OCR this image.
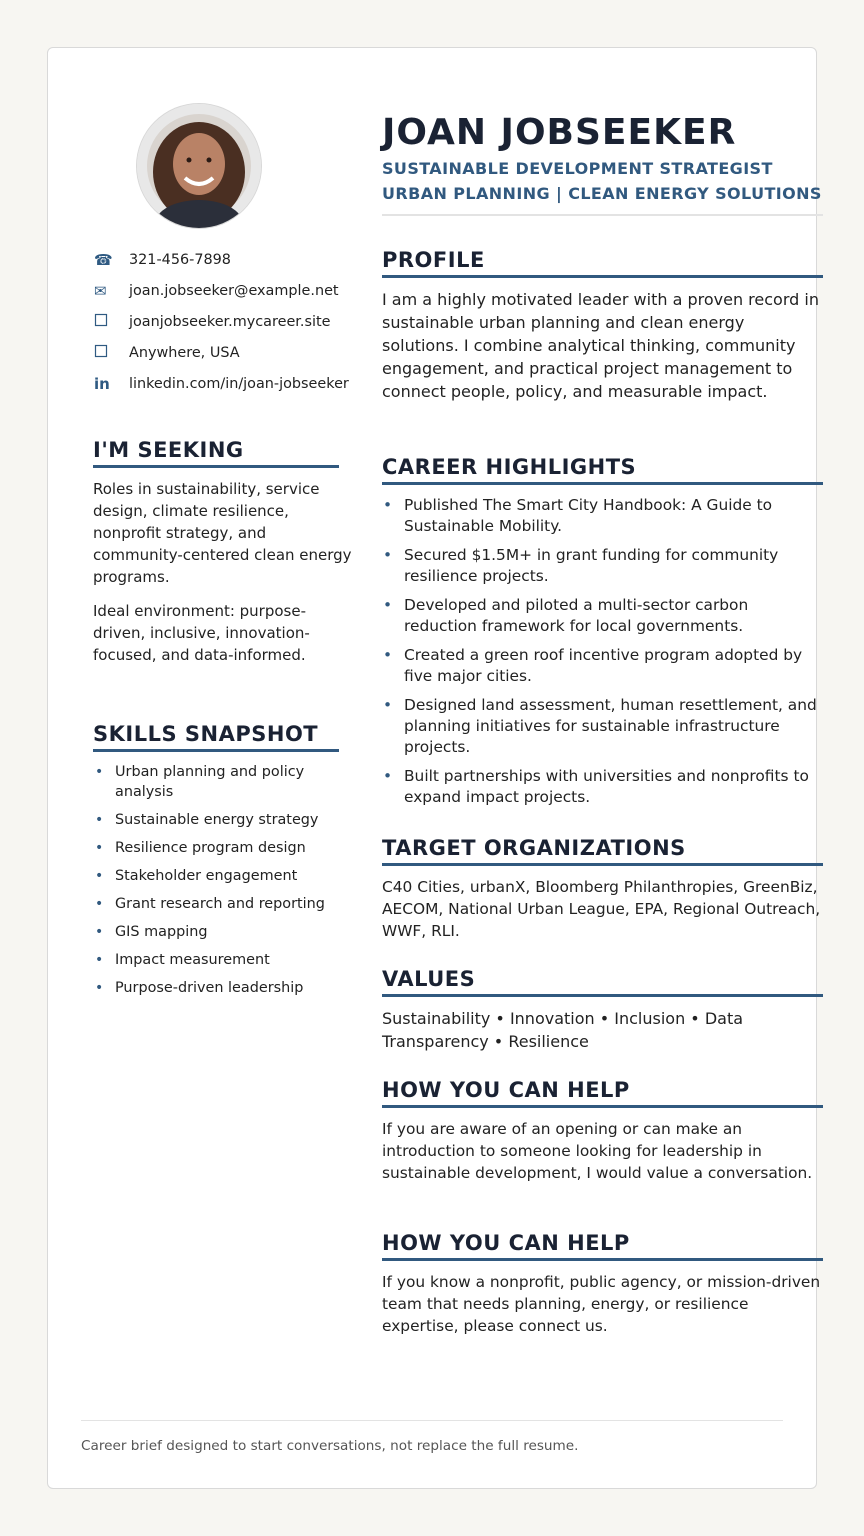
☎	321-456-7898
✉	joan.jobseeker@example.net
joanjobseeker.mycareer.site
Anywhere, USA
in	linkedin.com/in/joan-jobseeker
I'M SEEKING

Roles in sustainability, service design, climate resilience, nonprofit strategy, and community-centered clean energy programs.

Ideal environment: purpose-driven, inclusive, innovation-focused, and data-informed.

SKILLS SNAPSHOT
• Urban planning and policy analysis
• Sustainable energy strategy
• Resilience program design
• Stakeholder engagement
• Grant research and reporting
• GIS mapping
• Impact measurement
• Purpose-driven leadership
JOAN JOBSEEKER
SUSTAINABLE DEVELOPMENT STRATEGIST
URBAN PLANNING | CLEAN ENERGY SOLUTIONS
PROFILE

I am a highly motivated leader with a proven record in sustainable urban planning and clean energy solutions. I combine analytical thinking, community engagement, and practical project management to connect people, policy, and measurable impact.

CAREER HIGHLIGHTS
• Published The Smart City Handbook: A Guide to Sustainable Mobility.
• Secured $1.5M+ in grant funding for community resilience projects.
• Developed and piloted a multi-sector carbon reduction framework for local governments.
• Created a green roof incentive program adopted by five major cities.
• Designed land assessment, human resettlement, and planning initiatives for sustainable infrastructure projects.
• Built partnerships with universities and nonprofits to expand impact projects.
TARGET ORGANIZATIONS

C40 Cities, urbanX, Bloomberg Philanthropies, GreenBiz, AECOM, National Urban League, EPA, Regional Outreach, WWF, RLI.

VALUES

Sustainability • Innovation • Inclusion • Data Transparency • Resilience

HOW YOU CAN HELP

If you are aware of an opening or can make an introduction to someone looking for leadership in sustainable development, I would value a conversation.

HOW YOU CAN HELP

If you know a nonprofit, public agency, or mission-driven team that needs planning, energy, or resilience expertise, please connect us.

Career brief designed to start conversations, not replace the full resume.
